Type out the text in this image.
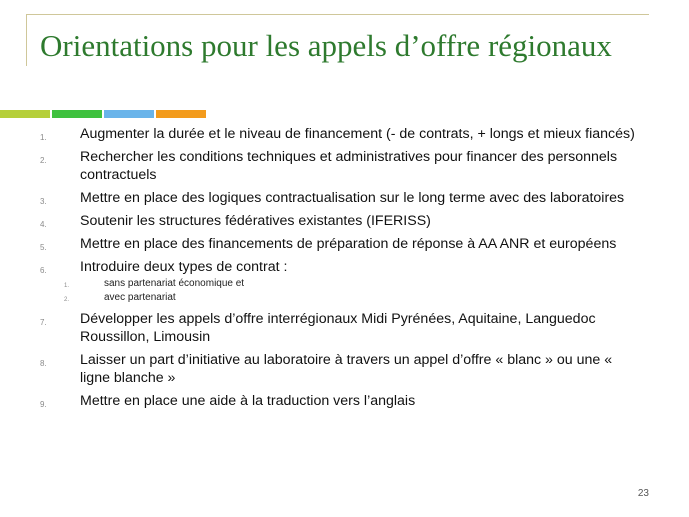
Orientations pour les appels d’offre régionaux
1.	Augmenter la durée et le niveau de financement (- de contrats, + longs et mieux fiancés)
2.	Rechercher les conditions techniques et administratives pour financer des personnels contractuels
3.	Mettre en place des logiques contractualisation sur le long terme avec des laboratoires
4.	Soutenir les structures fédératives existantes (IFERISS)
5.	Mettre en place des financements de préparation de réponse à AA ANR et européens
6.	Introduire deux types de contrat :
1.	sans partenariat économique et
2.	avec partenariat
7.	Développer les appels d’offre interrégionaux Midi Pyrénées, Aquitaine, Languedoc Roussillon, Limousin
8.	Laisser un part d’initiative au laboratoire à travers un appel d’offre « blanc » ou une « ligne blanche »
9.	Mettre en place une aide à la traduction vers l’anglais
23
